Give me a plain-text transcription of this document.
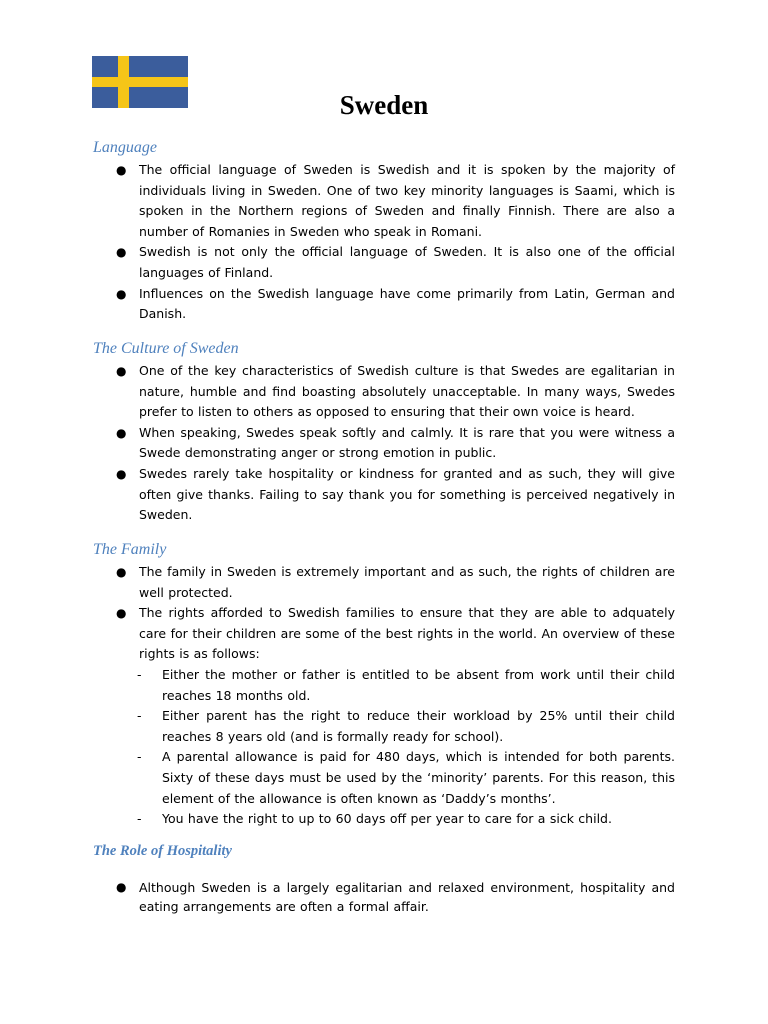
Sweden
Language
● The official language of Sweden is Swedish and it is spoken by the majority of individuals living in Sweden. One of two key minority languages is Saami, which is spoken in the Northern regions of Sweden and finally Finnish. There are also a number of Romanies in Sweden who speak in Romani.
● Swedish is not only the official language of Sweden. It is also one of the official languages of Finland.
● Influences on the Swedish language have come primarily from Latin, German and Danish.
The Culture of Sweden
● One of the key characteristics of Swedish culture is that Swedes are egalitarian in nature, humble and find boasting absolutely unacceptable. In many ways, Swedes prefer to listen to others as opposed to ensuring that their own voice is heard.
● When speaking, Swedes speak softly and calmly. It is rare that you were witness a Swede demonstrating anger or strong emotion in public.
● Swedes rarely take hospitality or kindness for granted and as such, they will give often give thanks. Failing to say thank you for something is perceived negatively in Sweden.
The Family
● The family in Sweden is extremely important and as such, the rights of children are well protected.
● The rights afforded to Swedish families to ensure that they are able to adquately care for their children are some of the best rights in the world. An overview of these rights is as follows:
- Either the mother or father is entitled to be absent from work until their child reaches 18 months old.
- Either parent has the right to reduce their workload by 25% until their child reaches 8 years old (and is formally ready for school).
- A parental allowance is paid for 480 days, which is intended for both parents. Sixty of these days must be used by the ‘minority’ parents. For this reason, this element of the allowance is often known as ‘Daddy’s months’.
- You have the right to up to 60 days off per year to care for a sick child.
The Role of Hospitality
● Although Sweden is a largely egalitarian and relaxed environment, hospitality and eating arrangements are often a formal affair.
